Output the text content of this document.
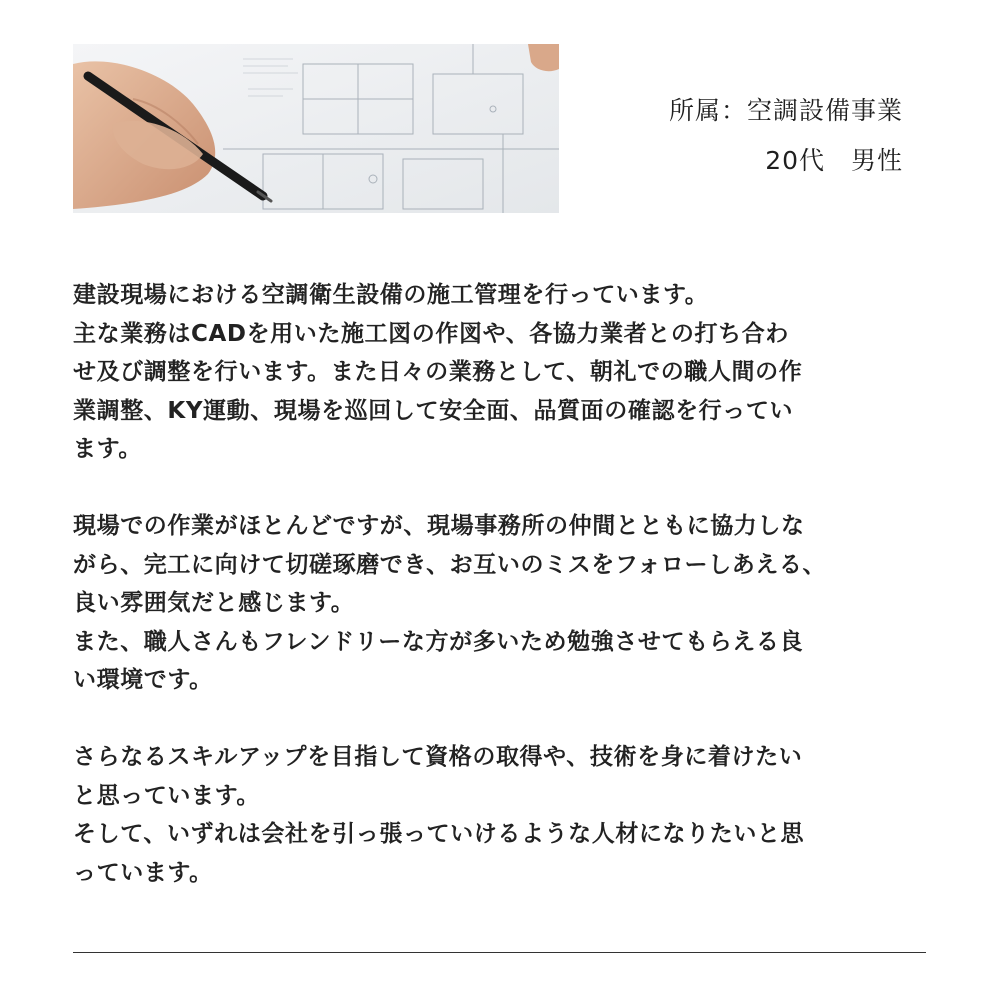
所属：空調設備事業
20代　男性
建設現場における空調衛生設備の施工管理を行っています。
主な業務はCADを用いた施工図の作図や、各協力業者との打ち合わ
せ及び調整を行います。また日々の業務として、朝礼での職人間の作
業調整、KY運動、現場を巡回して安全面、品質面の確認を行ってい
ます。
現場での作業がほとんどですが、現場事務所の仲間とともに協力しな
がら、完工に向けて切磋琢磨でき、お互いのミスをフォローしあえる、
良い雰囲気だと感じます。
また、職人さんもフレンドリーな方が多いため勉強させてもらえる良
い環境です。
さらなるスキルアップを目指して資格の取得や、技術を身に着けたい
と思っています。
そして、いずれは会社を引っ張っていけるような人材になりたいと思
っています。
